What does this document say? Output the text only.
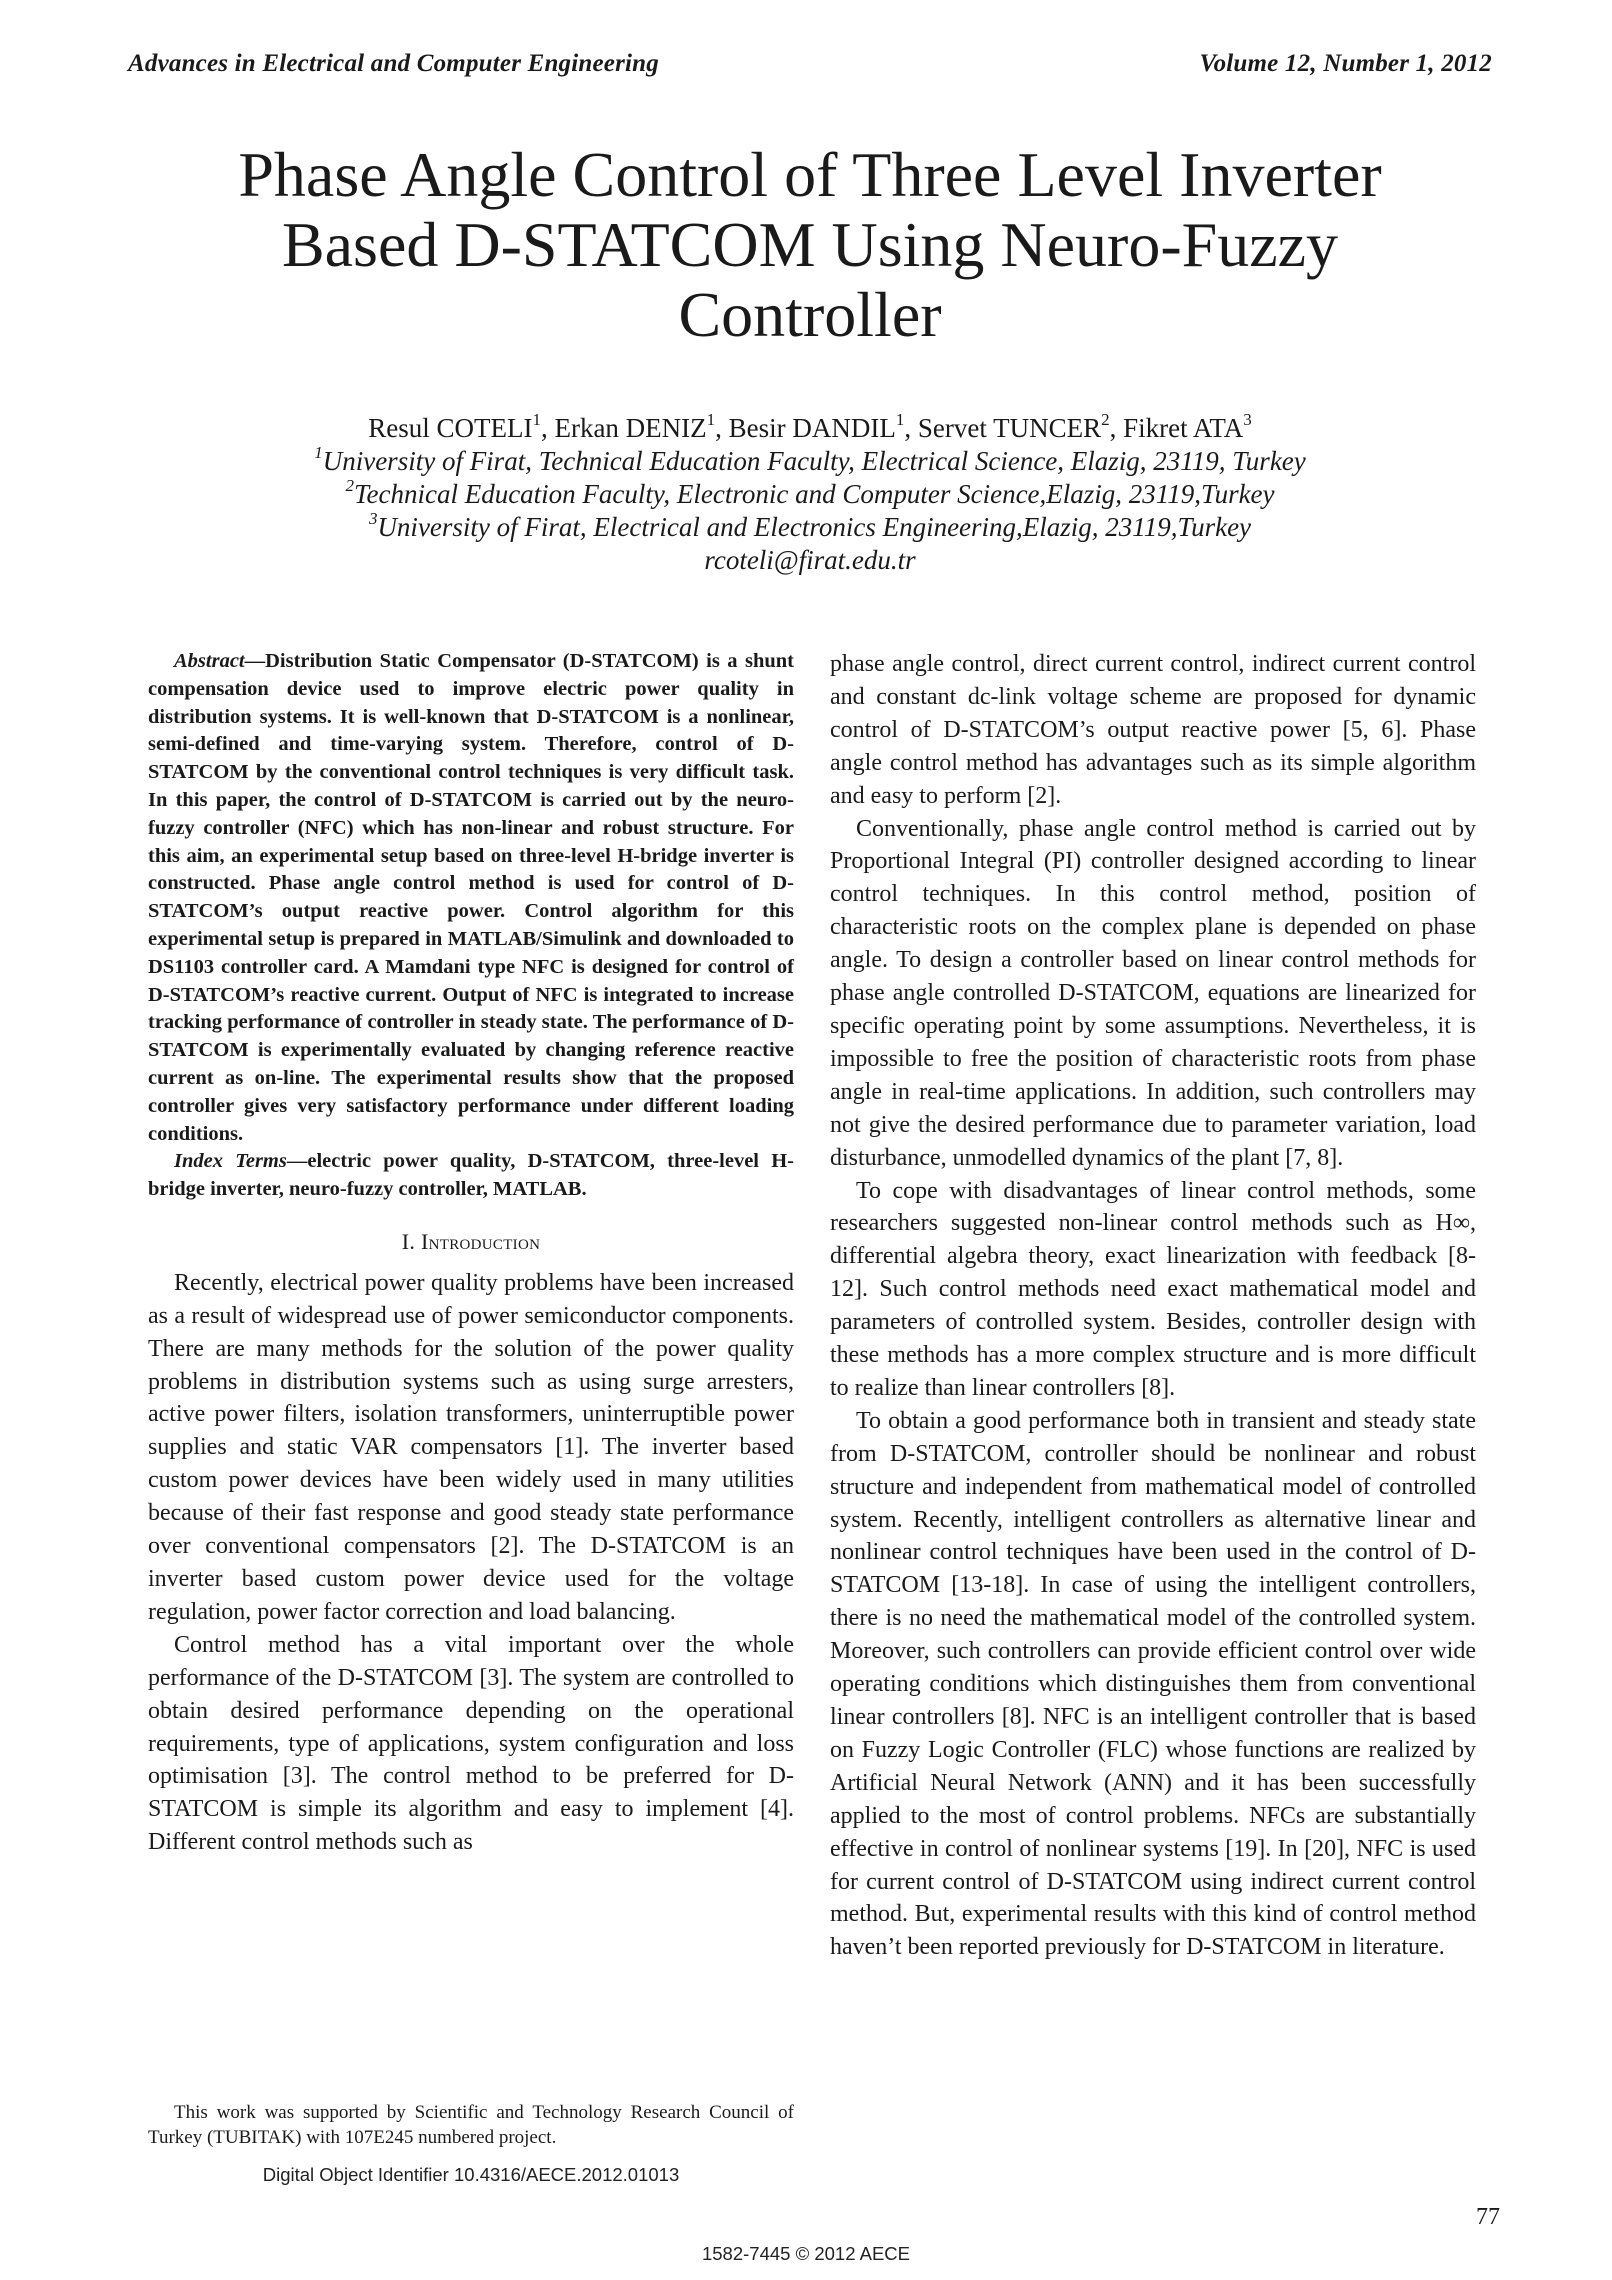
Advances in Electrical and Computer Engineering	Volume 12, Number 1, 2012
Phase Angle Control of Three Level Inverter
Based D-STATCOM Using Neuro-Fuzzy
Controller
Resul COTELI$^1$, Erkan DENIZ$^1$, Besir DANDIL$^1$, Servet TUNCER$^2$, Fikret ATA$^3$
$^1$University of Firat, Technical Education Faculty, Electrical Science, Elazig, 23119, Turkey
$^2$Technical Education Faculty, Electronic and Computer Science,Elazig, 23119,Turkey
$^3$University of Firat, Electrical and Electronics Engineering,Elazig, 23119,Turkey
rcoteli@firat.edu.tr

Abstract—Distribution Static Compensator (D-STATCOM) is a shunt compensation device used to improve electric power quality in distribution systems. It is well-known that D-STATCOM is a nonlinear, semi-defined and time-varying system. Therefore, control of D-STATCOM by the conventional control techniques is very difficult task. In this paper, the control of D-STATCOM is carried out by the neuro-fuzzy controller (NFC) which has non-linear and robust structure. For this aim, an experimental setup based on three-level H-bridge inverter is constructed. Phase angle control method is used for control of D-STATCOM’s output reactive power. Control algorithm for this experimental setup is prepared in MATLAB/Simulink and downloaded to DS1103 controller card. A Mamdani type NFC is designed for control of D-STATCOM’s reactive current. Output of NFC is integrated to increase tracking performance of controller in steady state. The performance of D-STATCOM is experimentally evaluated by changing reference reactive current as on-line. The experimental results show that the proposed controller gives very satisfactory performance under different loading conditions.

Index Terms—electric power quality, D-STATCOM, three-level H-bridge inverter, neuro-fuzzy controller, MATLAB.

I. Introduction

Recently, electrical power quality problems have been increased as a result of widespread use of power semiconductor components. There are many methods for the solution of the power quality problems in distribution systems such as using surge arresters, active power filters, isolation transformers, uninterruptible power supplies and static VAR compensators [1]. The inverter based custom power devices have been widely used in many utilities because of their fast response and good steady state performance over conventional compensators [2]. The D-STATCOM is an inverter based custom power device used for the voltage regulation, power factor correction and load balancing.

Control method has a vital important over the whole performance of the D-STATCOM [3]. The system are controlled to obtain desired performance depending on the operational requirements, type of applications, system configuration and loss optimisation [3]. The control method to be preferred for D-STATCOM is simple its algorithm and easy to implement [4]. Different control methods such as

phase angle control, direct current control, indirect current control and constant dc-link voltage scheme are proposed for dynamic control of D-STATCOM’s output reactive power [5, 6]. Phase angle control method has advantages such as its simple algorithm and easy to perform [2].

Conventionally, phase angle control method is carried out by Proportional Integral (PI) controller designed according to linear control techniques. In this control method, position of characteristic roots on the complex plane is depended on phase angle. To design a controller based on linear control methods for phase angle controlled D-STATCOM, equations are linearized for specific operating point by some assumptions. Nevertheless, it is impossible to free the position of characteristic roots from phase angle in real-time applications. In addition, such controllers may not give the desired performance due to parameter variation, load disturbance, unmodelled dynamics of the plant [7, 8].

To cope with disadvantages of linear control methods, some researchers suggested non-linear control methods such as H∞, differential algebra theory, exact linearization with feedback [8-12]. Such control methods need exact mathematical model and parameters of controlled system. Besides, controller design with these methods has a more complex structure and is more difficult to realize than linear controllers [8].

To obtain a good performance both in transient and steady state from D-STATCOM, controller should be nonlinear and robust structure and independent from mathematical model of controlled system. Recently, intelligent controllers as alternative linear and nonlinear control techniques have been used in the control of D-STATCOM [13-18]. In case of using the intelligent controllers, there is no need the mathematical model of the controlled system. Moreover, such controllers can provide efficient control over wide operating conditions which distinguishes them from conventional linear controllers [8]. NFC is an intelligent controller that is based on Fuzzy Logic Controller (FLC) whose functions are realized by Artificial Neural Network (ANN) and it has been successfully applied to the most of control problems. NFCs are substantially effective in control of nonlinear systems [19]. In [20], NFC is used for current control of D-STATCOM using indirect current control method. But, experimental results with this kind of control method haven’t been reported previously for D-STATCOM in literature.

This work was supported by Scientific and Technology Research Council of Turkey (TUBITAK) with 107E245 numbered project.

Digital Object Identifier 10.4316/AECE.2012.01013
77
1582-7445 © 2012 AECE
